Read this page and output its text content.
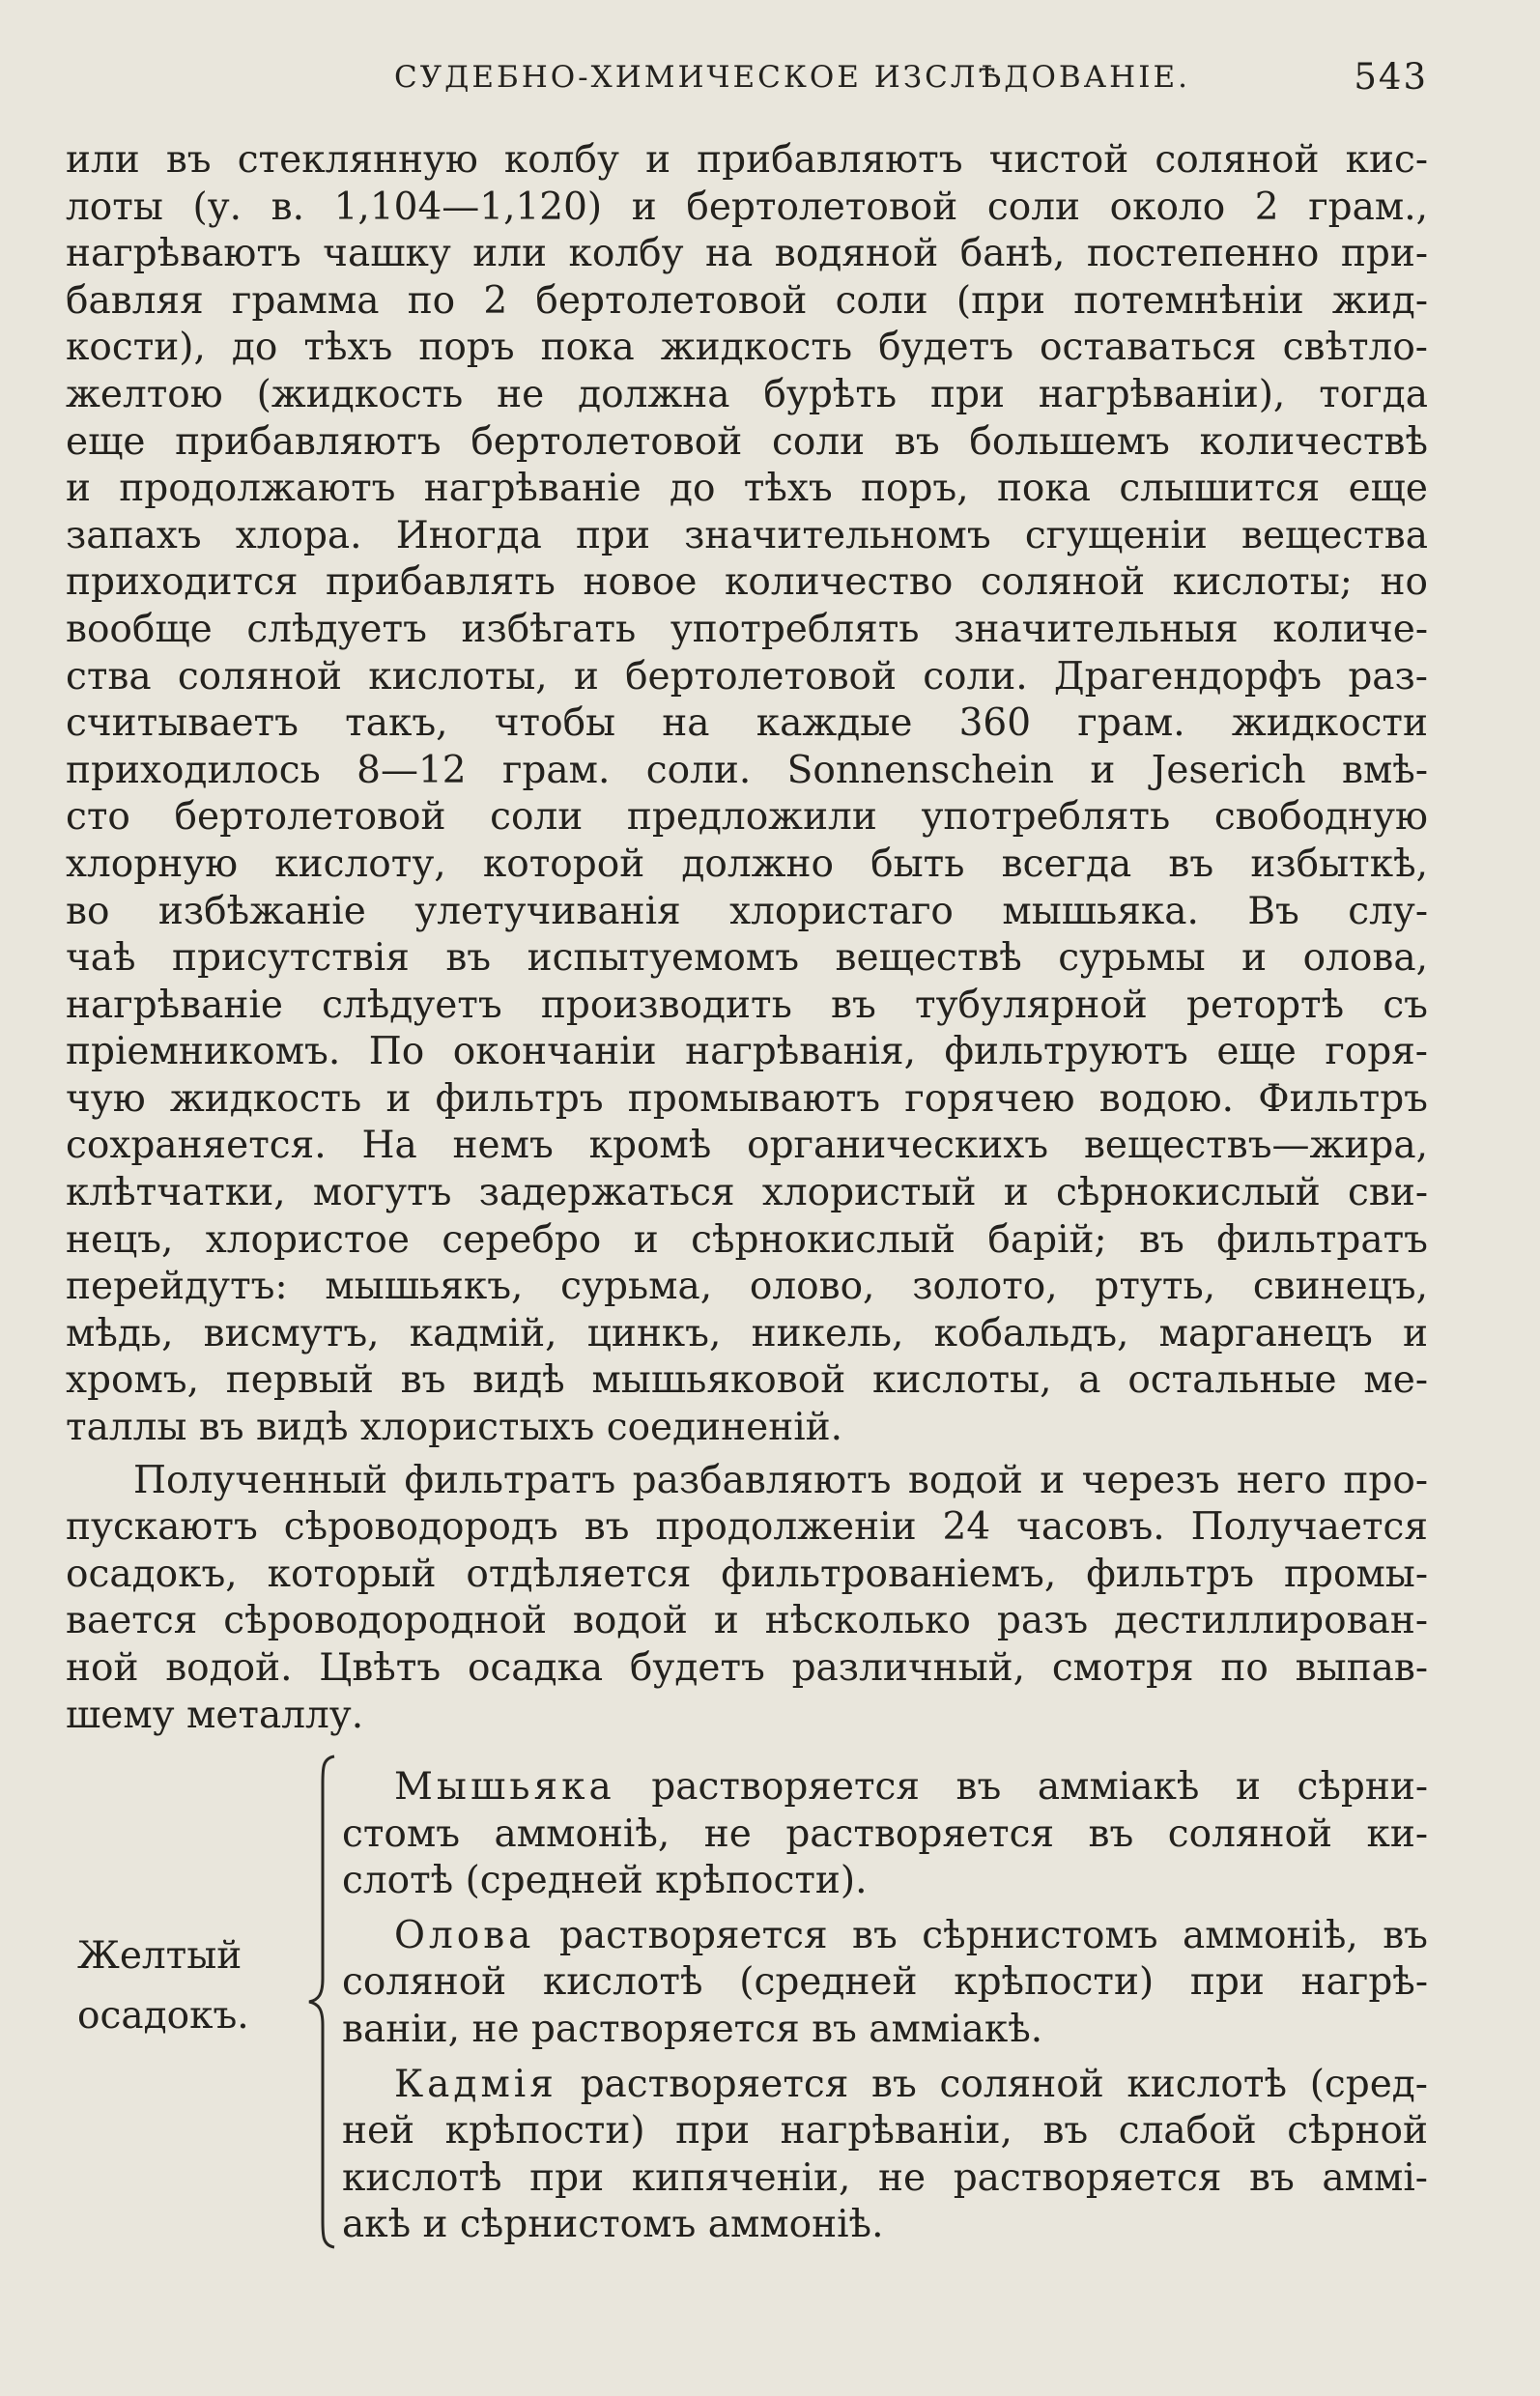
СУДЕБНО-ХИМИЧЕСКОЕ ИЗСЛѢДОВАНІЕ.	543
или въ стеклянную колбу и прибавляютъ чистой соляной кис-
лоты (у. в. 1,104—1,120) и бертолетовой соли около 2 грам.,
нагрѣваютъ чашку или колбу на водяной банѣ, постепенно при-
бавляя грамма по 2 бертолетовой соли (при потемнѣніи жид-
кости), до тѣхъ поръ пока жидкость будетъ оставаться свѣтло-
желтою (жидкость не должна бурѣть при нагрѣваніи), тогда
еще прибавляютъ бертолетовой соли въ большемъ количествѣ
и продолжаютъ нагрѣваніе до тѣхъ поръ, пока слышится еще
запахъ хлора. Иногда при значительномъ сгущеніи вещества
приходится прибавлять новое количество соляной кислоты; но
вообще слѣдуетъ избѣгать употреблять значительныя количе-
ства соляной кислоты, и бертолетовой соли. Драгендорфъ раз-
считываетъ такъ, чтобы на каждые 360 грам. жидкости
приходилось 8—12 грам. соли. Sonnenschein и Jeserich вмѣ-
сто бертолетовой соли предложили употреблять свободную
хлорную кислоту, которой должно быть всегда въ избыткѣ,
во избѣжаніе улетучиванія хлористаго мышьяка. Въ слу-
чаѣ присутствія въ испытуемомъ веществѣ сурьмы и олова,
нагрѣваніе слѣдуетъ производить въ тубулярной ретортѣ съ
пріемникомъ. По окончаніи нагрѣванія, фильтруютъ еще горя-
чую жидкость и фильтръ промываютъ горячею водою. Фильтръ
сохраняется. На немъ кромѣ органическихъ веществъ—жира,
клѣтчатки, могутъ задержаться хлористый и сѣрнокислый сви-
нецъ, хлористое серебро и сѣрнокислый барій; въ фильтратъ
перейдутъ: мышьякъ, сурьма, олово, золото, ртуть, свинецъ,
мѣдь, висмутъ, кадмій, цинкъ, никель, кобальдъ, марганецъ и
хромъ, первый въ видѣ мышьяковой кислоты, а остальные ме-
таллы въ видѣ хлористыхъ соединеній.
Полученный фильтратъ разбавляютъ водой и черезъ него про-
пускаютъ сѣроводородъ въ продолженіи 24 часовъ. Получается
осадокъ, который отдѣляется фильтрованіемъ, фильтръ промы-
вается сѣроводородной водой и нѣсколько разъ дестиллирован-
ной водой. Цвѣтъ осадка будетъ различный, смотря по выпав-
шему металлу.
Желтый
осадокъ.
Мышьяка растворяется въ амміакѣ и сѣрни-
стомъ аммоніѣ, не растворяется въ соляной ки-
слотѣ (средней крѣпости).
Олова растворяется въ сѣрнистомъ аммоніѣ, въ
соляной кислотѣ (средней крѣпости) при нагрѣ-
ваніи, не растворяется въ амміакѣ.
Кадмія растворяется въ соляной кислотѣ (сред-
ней крѣпости) при нагрѣваніи, въ слабой сѣрной
кислотѣ при кипяченіи, не растворяется въ аммі-
акѣ и сѣрнистомъ аммоніѣ.
